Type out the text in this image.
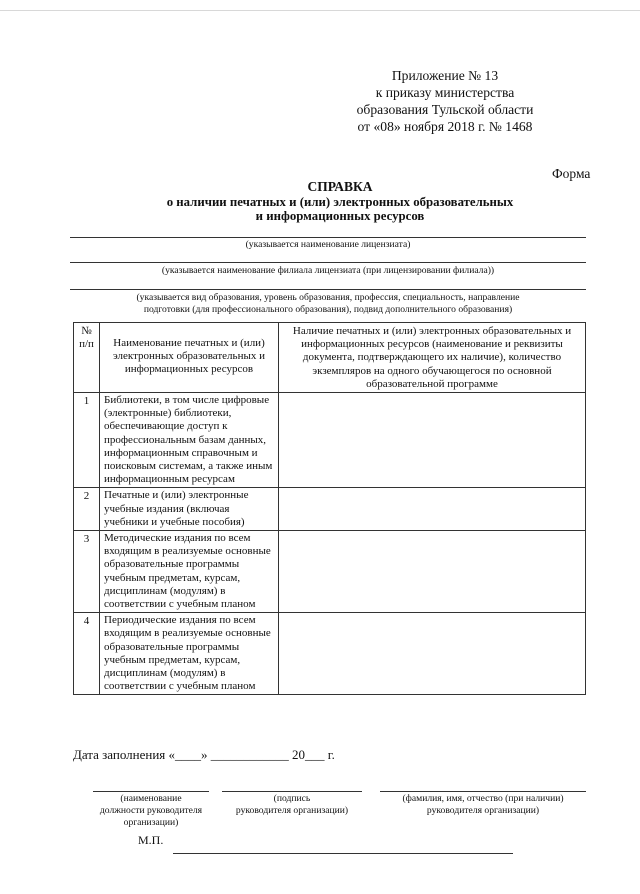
Приложение № 13
к приказу министерства
образования Тульской области
от «08» ноября 2018 г. № 1468
Форма
СПРАВКА
о наличии печатных и (или) электронных образовательных
и информационных ресурсов
(указывается наименование лицензиата)
(указывается наименование филиала лицензиата (при лицензировании филиала))
(указывается вид образования, уровень образования, профессия, специальность, направление
подготовки (для профессионального образования), подвид дополнительного образования)
№ п/п	Наименование печатных и (или) электронных образовательных и информационных ресурсов	Наличие печатных и (или) электронных образовательных и информационных ресурсов (наименование и реквизиты документа, подтверждающего их наличие), количество экземпляров на одного обучающегося по основной образовательной программе
1	Библиотеки, в том числе цифровые (электронные) библиотеки, обеспечивающие доступ к профессиональным базам данных, информационным справочным и поисковым системам, а также иным информационным ресурсам	
2	Печатные и (или) электронные учебные издания (включая учебники и учебные пособия)	
3	Методические издания по всем входящим в реализуемые основные образовательные программы учебным предметам, курсам, дисциплинам (модулям) в соответствии с учебным планом	
4	Периодические издания по всем входящим в реализуемые основные образовательные программы учебным предметам, курсам, дисциплинам (модулям) в соответствии с учебным планом	
Дата заполнения «____» ____________ 20___ г.
(наименование
должности руководителя
организации)
(подпись
руководителя организации)
(фамилия, имя, отчество (при наличии)
руководителя организации)
М.П.
